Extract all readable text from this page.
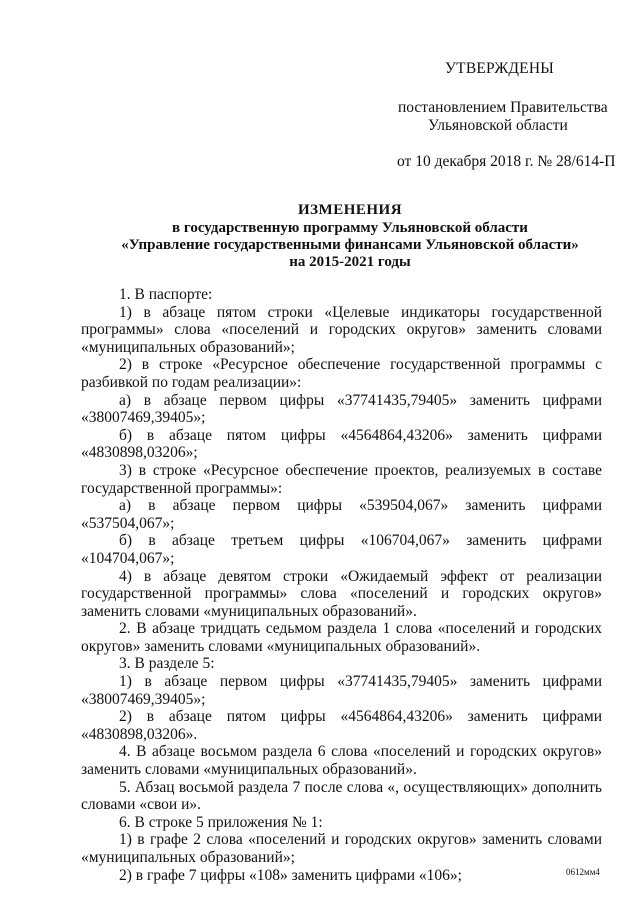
УТВЕРЖДЕНЫ
постановлением Правительства
Ульяновской области
от 10 декабря 2018 г. № 28/614-П
ИЗМЕНЕНИЯ
в государственную программу Ульяновской области
«Управление государственными финансами Ульяновской области»
на 2015-2021 годы

1. В паспорте:

1) в абзаце пятом строки «Целевые индикаторы государственной программы» слова «поселений и городских округов» заменить словами «муниципальных образований»;

2) в строке «Ресурсное обеспечение государственной программы с разбивкой по годам реализации»:

а) в абзаце первом цифры «37741435,79405» заменить цифрами «38007469,39405»;

б) в абзаце пятом цифры «4564864,43206» заменить цифрами «4830898,03206»;

3) в строке «Ресурсное обеспечение проектов, реализуемых в составе государственной программы»:

а) в абзаце первом цифры «539504,067» заменить цифрами «537504,067»;

б) в абзаце третьем цифры «106704,067» заменить цифрами «104704,067»;

4) в абзаце девятом строки «Ожидаемый эффект от реализации государственной программы» слова «поселений и городских округов» заменить словами «муниципальных образований».

2. В абзаце тридцать седьмом раздела 1 слова «поселений и городских округов» заменить словами «муниципальных образований».

3. В разделе 5:

1) в абзаце первом цифры «37741435,79405» заменить цифрами «38007469,39405»;

2) в абзаце пятом цифры «4564864,43206» заменить цифрами «4830898,03206».

4. В абзаце восьмом раздела 6 слова «поселений и городских округов» заменить словами «муниципальных образований».

5. Абзац восьмой раздела 7 после слова «, осуществляющих» дополнить словами «свои и».

6. В строке 5 приложения № 1:

1) в графе 2 слова «поселений и городских округов» заменить словами «муниципальных образований»;

2) в графе 7 цифры «108» заменить цифрами «106»;	0612мм4
